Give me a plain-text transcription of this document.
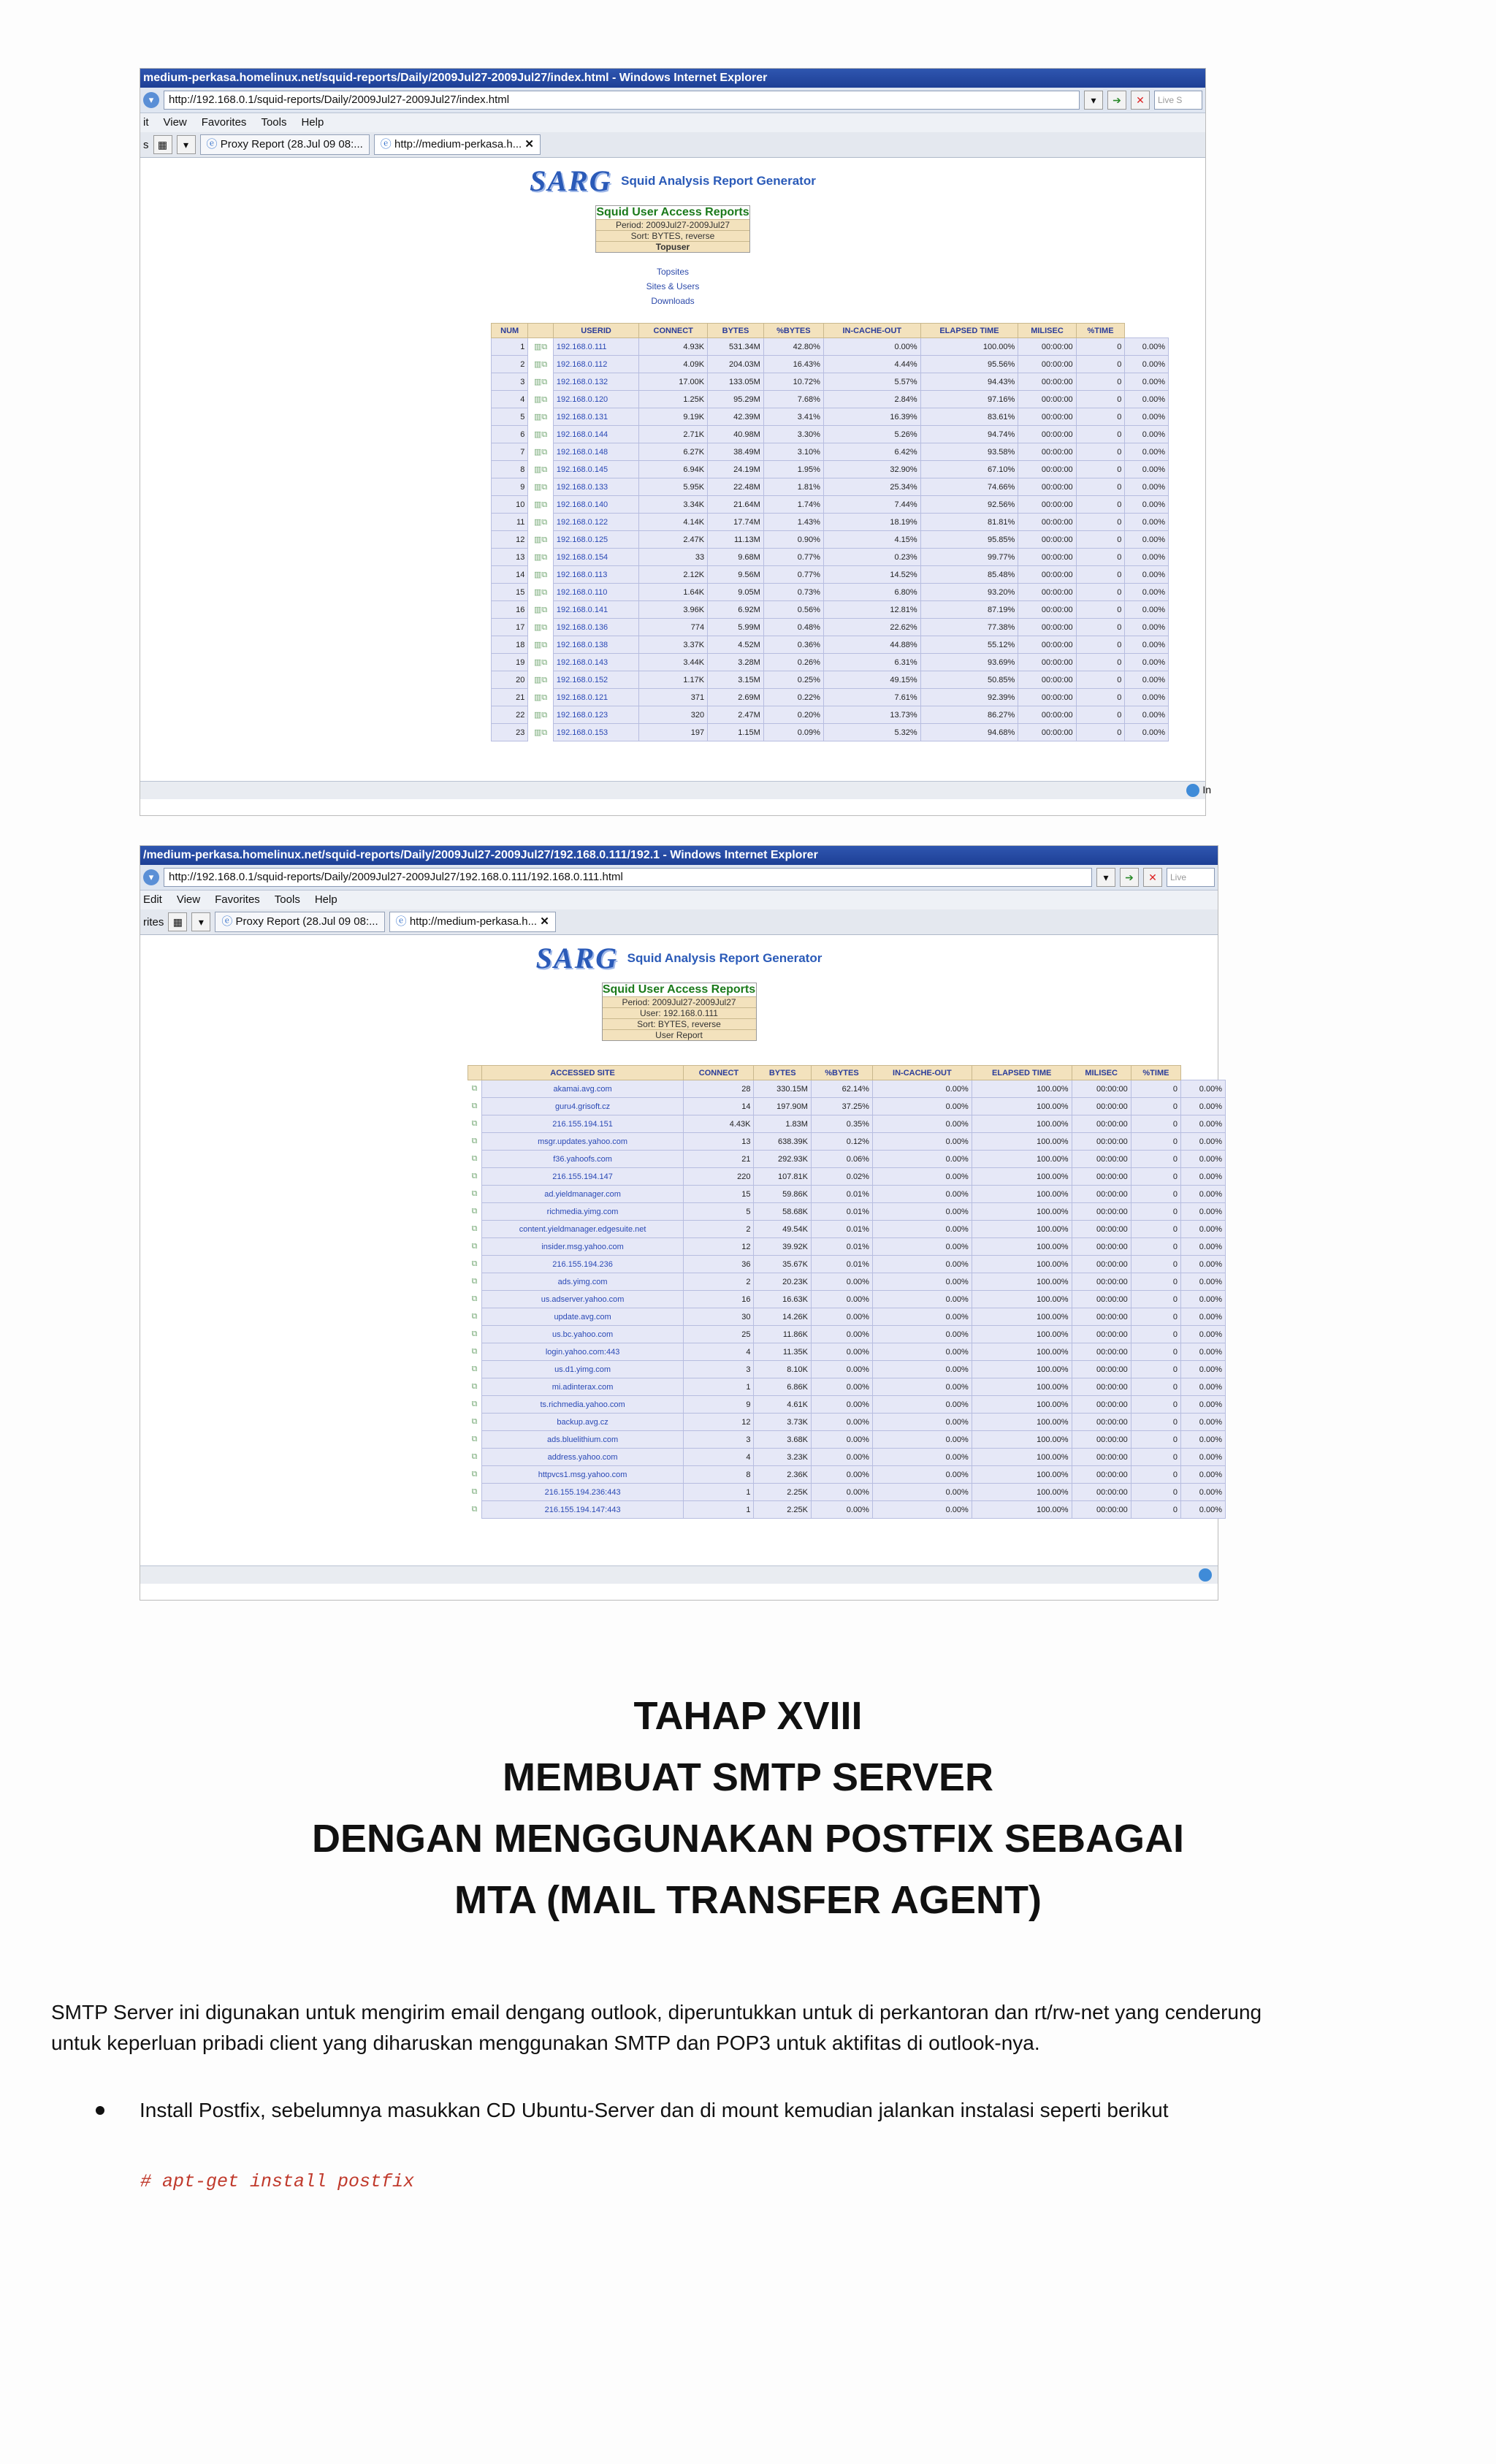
medium-perkasa.homelinux.net/squid-reports/Daily/2009Jul27-2009Jul27/index.html - Windows Internet Explorer
▾	http://192.168.0.1/squid-reports/Daily/2009Jul27-2009Jul27/index.html	▾	➔	✕	Live S
it View Favorites Tools Help
s ▦	▾	ⓔ Proxy Report (28.Jul 09 08:...	ⓔ http://medium-perkasa.h... ✕
SARG Squid Analysis Report Generator
Squid User Access Reports
Period: 2009Jul27-2009Jul27
Sort: BYTES, reverse
Topuser
Topsites
Sites & Users
Downloads
NUM		USERID	CONNECT	BYTES	%BYTES	IN-CACHE-OUT	ELAPSED TIME	MILISEC	%TIME	
1	▥⧉	192.168.0.111	4.93K	531.34M	42.80%	0.00%	100.00%	00:00:00	0	0.00%
2	▥⧉	192.168.0.112	4.09K	204.03M	16.43%	4.44%	95.56%	00:00:00	0	0.00%
3	▥⧉	192.168.0.132	17.00K	133.05M	10.72%	5.57%	94.43%	00:00:00	0	0.00%
4	▥⧉	192.168.0.120	1.25K	95.29M	7.68%	2.84%	97.16%	00:00:00	0	0.00%
5	▥⧉	192.168.0.131	9.19K	42.39M	3.41%	16.39%	83.61%	00:00:00	0	0.00%
6	▥⧉	192.168.0.144	2.71K	40.98M	3.30%	5.26%	94.74%	00:00:00	0	0.00%
7	▥⧉	192.168.0.148	6.27K	38.49M	3.10%	6.42%	93.58%	00:00:00	0	0.00%
8	▥⧉	192.168.0.145	6.94K	24.19M	1.95%	32.90%	67.10%	00:00:00	0	0.00%
9	▥⧉	192.168.0.133	5.95K	22.48M	1.81%	25.34%	74.66%	00:00:00	0	0.00%
10	▥⧉	192.168.0.140	3.34K	21.64M	1.74%	7.44%	92.56%	00:00:00	0	0.00%
11	▥⧉	192.168.0.122	4.14K	17.74M	1.43%	18.19%	81.81%	00:00:00	0	0.00%
12	▥⧉	192.168.0.125	2.47K	11.13M	0.90%	4.15%	95.85%	00:00:00	0	0.00%
13	▥⧉	192.168.0.154	33	9.68M	0.77%	0.23%	99.77%	00:00:00	0	0.00%
14	▥⧉	192.168.0.113	2.12K	9.56M	0.77%	14.52%	85.48%	00:00:00	0	0.00%
15	▥⧉	192.168.0.110	1.64K	9.05M	0.73%	6.80%	93.20%	00:00:00	0	0.00%
16	▥⧉	192.168.0.141	3.96K	6.92M	0.56%	12.81%	87.19%	00:00:00	0	0.00%
17	▥⧉	192.168.0.136	774	5.99M	0.48%	22.62%	77.38%	00:00:00	0	0.00%
18	▥⧉	192.168.0.138	3.37K	4.52M	0.36%	44.88%	55.12%	00:00:00	0	0.00%
19	▥⧉	192.168.0.143	3.44K	3.28M	0.26%	6.31%	93.69%	00:00:00	0	0.00%
20	▥⧉	192.168.0.152	1.17K	3.15M	0.25%	49.15%	50.85%	00:00:00	0	0.00%
21	▥⧉	192.168.0.121	371	2.69M	0.22%	7.61%	92.39%	00:00:00	0	0.00%
22	▥⧉	192.168.0.123	320	2.47M	0.20%	13.73%	86.27%	00:00:00	0	0.00%
23	▥⧉	192.168.0.153	197	1.15M	0.09%	5.32%	94.68%	00:00:00	0	0.00%
In
/medium-perkasa.homelinux.net/squid-reports/Daily/2009Jul27-2009Jul27/192.168.0.111/192.1 - Windows Internet Explorer
▾	http://192.168.0.1/squid-reports/Daily/2009Jul27-2009Jul27/192.168.0.111/192.168.0.111.html	▾	➔	✕	Live
Edit View Favorites Tools Help
rites ▦	▾	ⓔ Proxy Report (28.Jul 09 08:...	ⓔ http://medium-perkasa.h... ✕
SARG Squid Analysis Report Generator
Squid User Access Reports
Period: 2009Jul27-2009Jul27
User: 192.168.0.111
Sort: BYTES, reverse
User Report
	ACCESSED SITE	CONNECT	BYTES	%BYTES	IN-CACHE-OUT	ELAPSED TIME	MILISEC	%TIME	
⧉	akamai.avg.com	28	330.15M	62.14%	0.00%	100.00%	00:00:00	0	0.00%
⧉	guru4.grisoft.cz	14	197.90M	37.25%	0.00%	100.00%	00:00:00	0	0.00%
⧉	216.155.194.151	4.43K	1.83M	0.35%	0.00%	100.00%	00:00:00	0	0.00%
⧉	msgr.updates.yahoo.com	13	638.39K	0.12%	0.00%	100.00%	00:00:00	0	0.00%
⧉	f36.yahoofs.com	21	292.93K	0.06%	0.00%	100.00%	00:00:00	0	0.00%
⧉	216.155.194.147	220	107.81K	0.02%	0.00%	100.00%	00:00:00	0	0.00%
⧉	ad.yieldmanager.com	15	59.86K	0.01%	0.00%	100.00%	00:00:00	0	0.00%
⧉	richmedia.yimg.com	5	58.68K	0.01%	0.00%	100.00%	00:00:00	0	0.00%
⧉	content.yieldmanager.edgesuite.net	2	49.54K	0.01%	0.00%	100.00%	00:00:00	0	0.00%
⧉	insider.msg.yahoo.com	12	39.92K	0.01%	0.00%	100.00%	00:00:00	0	0.00%
⧉	216.155.194.236	36	35.67K	0.01%	0.00%	100.00%	00:00:00	0	0.00%
⧉	ads.yimg.com	2	20.23K	0.00%	0.00%	100.00%	00:00:00	0	0.00%
⧉	us.adserver.yahoo.com	16	16.63K	0.00%	0.00%	100.00%	00:00:00	0	0.00%
⧉	update.avg.com	30	14.26K	0.00%	0.00%	100.00%	00:00:00	0	0.00%
⧉	us.bc.yahoo.com	25	11.86K	0.00%	0.00%	100.00%	00:00:00	0	0.00%
⧉	login.yahoo.com:443	4	11.35K	0.00%	0.00%	100.00%	00:00:00	0	0.00%
⧉	us.d1.yimg.com	3	8.10K	0.00%	0.00%	100.00%	00:00:00	0	0.00%
⧉	mi.adinterax.com	1	6.86K	0.00%	0.00%	100.00%	00:00:00	0	0.00%
⧉	ts.richmedia.yahoo.com	9	4.61K	0.00%	0.00%	100.00%	00:00:00	0	0.00%
⧉	backup.avg.cz	12	3.73K	0.00%	0.00%	100.00%	00:00:00	0	0.00%
⧉	ads.bluelithium.com	3	3.68K	0.00%	0.00%	100.00%	00:00:00	0	0.00%
⧉	address.yahoo.com	4	3.23K	0.00%	0.00%	100.00%	00:00:00	0	0.00%
⧉	httpvcs1.msg.yahoo.com	8	2.36K	0.00%	0.00%	100.00%	00:00:00	0	0.00%
⧉	216.155.194.236:443	1	2.25K	0.00%	0.00%	100.00%	00:00:00	0	0.00%
⧉	216.155.194.147:443	1	2.25K	0.00%	0.00%	100.00%	00:00:00	0	0.00%
TAHAP XVIII
MEMBUAT SMTP SERVER
DENGAN MENGGUNAKAN POSTFIX SEBAGAI
MTA (MAIL TRANSFER AGENT)
SMTP Server ini digunakan untuk mengirim email dengang outlook, diperuntukkan untuk di perkantoran dan rt/rw-net yang cenderung
untuk keperluan pribadi client yang diharuskan menggunakan SMTP dan POP3 untuk aktifitas di outlook-nya.
Install Postfix, sebelumnya masukkan CD Ubuntu-Server dan di mount kemudian jalankan instalasi seperti berikut
# apt-get install postfix
